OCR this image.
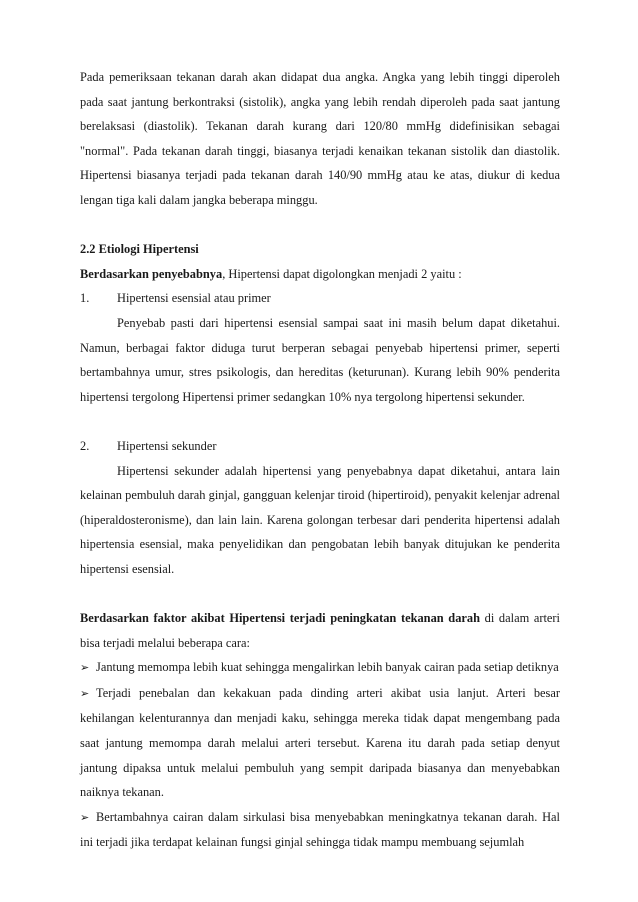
Pada pemeriksaan tekanan darah akan didapat dua angka. Angka yang lebih tinggi diperoleh pada saat jantung berkontraksi (sistolik), angka yang lebih rendah diperoleh pada saat jantung berelaksasi (diastolik). Tekanan darah kurang dari 120/80 mmHg didefinisikan sebagai "normal". Pada tekanan darah tinggi, biasanya terjadi kenaikan tekanan sistolik dan diastolik. Hipertensi biasanya terjadi pada tekanan darah 140/90 mmHg atau ke atas, diukur di kedua lengan tiga kali dalam jangka beberapa minggu.

2.2 Etiologi Hipertensi

Berdasarkan penyebabnya, Hipertensi dapat digolongkan menjadi 2 yaitu :

1.	Hipertensi esensial atau primer

Penyebab pasti dari hipertensi esensial sampai saat ini masih belum dapat diketahui. Namun, berbagai faktor diduga turut berperan sebagai penyebab hipertensi primer, seperti bertambahnya umur, stres psikologis, dan hereditas (keturunan). Kurang lebih 90% penderita hipertensi tergolong Hipertensi primer sedangkan 10% nya tergolong hipertensi sekunder.

2.	Hipertensi sekunder

Hipertensi sekunder adalah hipertensi yang penyebabnya dapat diketahui, antara lain kelainan pembuluh darah ginjal, gangguan kelenjar tiroid (hipertiroid), penyakit kelenjar adrenal (hiperaldosteronisme), dan lain lain. Karena golongan terbesar dari penderita hipertensi adalah hipertensia esensial, maka penyelidikan dan pengobatan lebih banyak ditujukan ke penderita hipertensi esensial.

Berdasarkan faktor akibat Hipertensi terjadi peningkatan tekanan darah di dalam arteri bisa terjadi melalui beberapa cara:

➢ Jantung memompa lebih kuat sehingga mengalirkan lebih banyak cairan pada setiap detiknya

➢ Terjadi penebalan dan kekakuan pada dinding arteri akibat usia lanjut. Arteri besar kehilangan kelenturannya dan menjadi kaku, sehingga mereka tidak dapat mengembang pada saat jantung memompa darah melalui arteri tersebut. Karena itu darah pada setiap denyut jantung dipaksa untuk melalui pembuluh yang sempit daripada biasanya dan menyebabkan naiknya tekanan.

➢ Bertambahnya cairan dalam sirkulasi bisa menyebabkan meningkatnya tekanan darah. Hal ini terjadi jika terdapat kelainan fungsi ginjal sehingga tidak mampu membuang sejumlah
